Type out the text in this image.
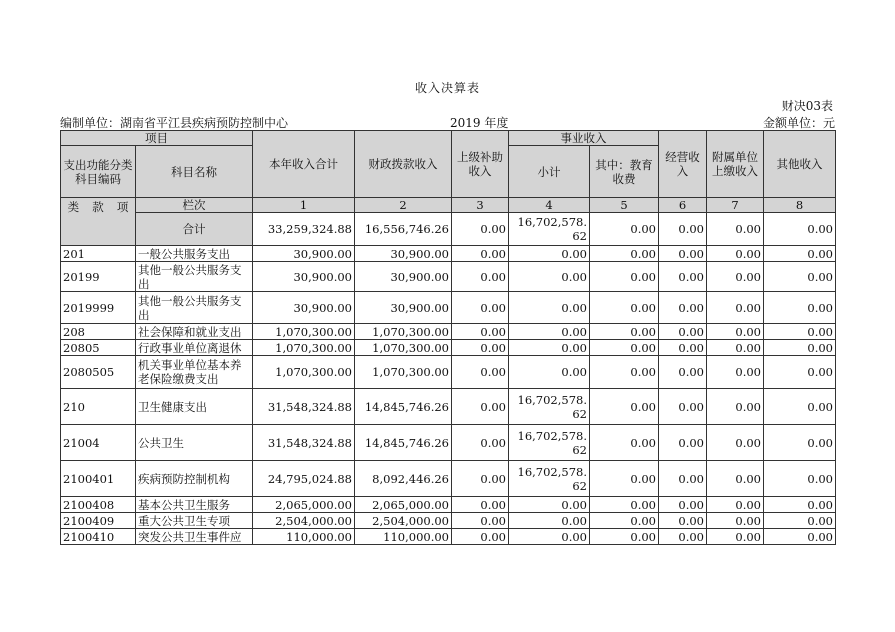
收入决算表
财决03表
编制单位：湖南省平江县疾病预防控制中心	2019 年度	金额单位：元
项目		本年收入合计	财政拨款收入	上级补助收入	事业收入		经营收入	附属单位上缴收入	其他收入
支出功能分类科目编码	科目名称				小计	其中：教育收费			

类 款 项	栏次	1	2	3	4	5	6	7	8
	合计	33,259,324.88	16,556,746.26	0.00	16,702,578.62	0.00	0.00	0.00	0.00
201	一般公共服务支出	30,900.00	30,900.00	0.00	0.00	0.00	0.00	0.00	0.00
20199	其他一般公共服务支出	30,900.00	30,900.00	0.00	0.00	0.00	0.00	0.00	0.00
2019999	其他一般公共服务支出	30,900.00	30,900.00	0.00	0.00	0.00	0.00	0.00	0.00
208	社会保障和就业支出	1,070,300.00	1,070,300.00	0.00	0.00	0.00	0.00	0.00	0.00
20805	行政事业单位离退休	1,070,300.00	1,070,300.00	0.00	0.00	0.00	0.00	0.00	0.00
2080505	机关事业单位基本养老保险缴费支出	1,070,300.00	1,070,300.00	0.00	0.00	0.00	0.00	0.00	0.00
210	卫生健康支出	31,548,324.88	14,845,746.26	0.00	16,702,578.62	0.00	0.00	0.00	0.00
21004	公共卫生	31,548,324.88	14,845,746.26	0.00	16,702,578.62	0.00	0.00	0.00	0.00
2100401	疾病预防控制机构	24,795,024.88	8,092,446.26	0.00	16,702,578.62	0.00	0.00	0.00	0.00
2100408	基本公共卫生服务	2,065,000.00	2,065,000.00	0.00	0.00	0.00	0.00	0.00	0.00
2100409	重大公共卫生专项	2,504,000.00	2,504,000.00	0.00	0.00	0.00	0.00	0.00	0.00
2100410	突发公共卫生事件应	110,000.00	110,000.00	0.00	0.00	0.00	0.00	0.00	0.00
